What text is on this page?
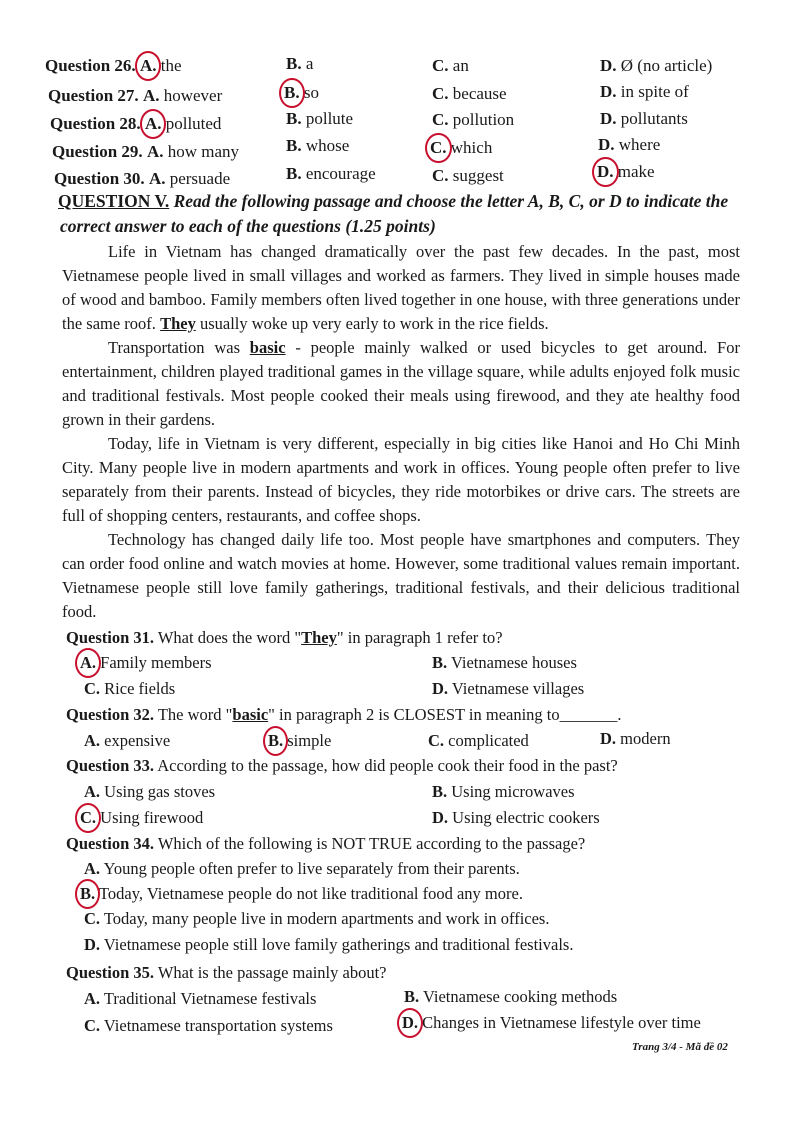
Question 26. A. the	B. a	C. an	D. Ø (no article)
Question 27. A. however	B. so	C. because	D. in spite of
Question 28. A. polluted	B. pollute	C. pollution	D. pollutants
Question 29. A. how many	B. whose	C. which	D. where
Question 30. A. persuade	B. encourage	C. suggest	D. make
QUESTION V. Read the following passage and choose the letter A, B, C, or D to indicate the
correct answer to each of the questions (1.25 points)

Life in Vietnam has changed dramatically over the past few decades. In the past, most Vietnamese people lived in small villages and worked as farmers. They lived in simple houses made of wood and bamboo. Family members often lived together in one house, with three generations under the same roof. They usually woke up very early to work in the rice fields.

Transportation was basic - people mainly walked or used bicycles to get around. For entertainment, children played traditional games in the village square, while adults enjoyed folk music and traditional festivals. Most people cooked their meals using firewood, and they ate healthy food grown in their gardens.

Today, life in Vietnam is very different, especially in big cities like Hanoi and Ho Chi Minh City. Many people live in modern apartments and work in offices. Young people often prefer to live separately from their parents. Instead of bicycles, they ride motorbikes or drive cars. The streets are full of shopping centers, restaurants, and coffee shops.

Technology has changed daily life too. Most people have smartphones and computers. They can order food online and watch movies at home. However, some traditional values remain important. Vietnamese people still love family gatherings, traditional festivals, and their delicious traditional food.

Question 31. What does the word "They" in paragraph 1 refer to?
A. Family members	B. Vietnamese houses
C. Rice fields	D. Vietnamese villages
Question 32. The word "basic" in paragraph 2 is CLOSEST in meaning to_______.
A. expensive	B. simple	C. complicated	D. modern
Question 33. According to the passage, how did people cook their food in the past?
A. Using gas stoves	B. Using microwaves
C. Using firewood	D. Using electric cookers
Question 34. Which of the following is NOT TRUE according to the passage?
A. Young people often prefer to live separately from their parents.
B. Today, Vietnamese people do not like traditional food any more.
C. Today, many people live in modern apartments and work in offices.
D. Vietnamese people still love family gatherings and traditional festivals.
Question 35. What is the passage mainly about?
A. Traditional Vietnamese festivals	B. Vietnamese cooking methods
C. Vietnamese transportation systems	D. Changes in Vietnamese lifestyle over time
Trang 3/4 - Mã đề 02
